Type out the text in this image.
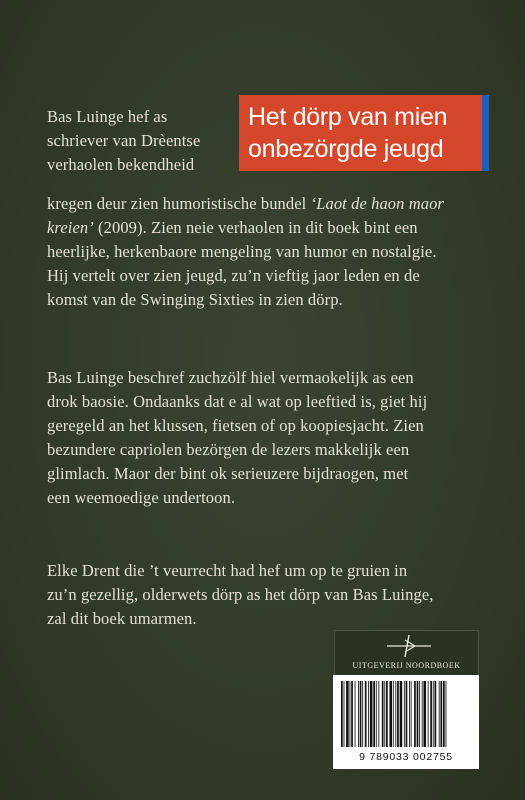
Het dörp van mien
onbezörgde jeugd
Bas Luinge hef as
schriever van Drèentse
verhaolen bekendheid
kregen deur zien humoristische bundel ‘Laot de haon maor
kreien’ (2009). Zien neie verhaolen in dit boek bint een
heerlijke, herkenbaore mengeling van humor en nostalgie.
Hij vertelt over zien jeugd, zu’n vieftig jaor leden en de
komst van de Swinging Sixties in zien dörp.
Bas Luinge beschref zuchzölf hiel vermaokelijk as een
drok baosie. Ondaanks dat e al wat op leeftied is, giet hij
geregeld an het klussen, fietsen of op koopiesjacht. Zien
bezundere capriolen bezörgen de lezers makkelijk een
glimlach. Maor der bint ok serieuzere bijdraogen, met
een weemoedige undertoon.
Elke Drent die ’t veurrecht had hef um op te gruien in
zu’n gezellig, olderwets dörp as het dörp van Bas Luinge,
zal dit boek umarmen.
UITGEVERIJ NOORDBOEK
9 789033 002755
